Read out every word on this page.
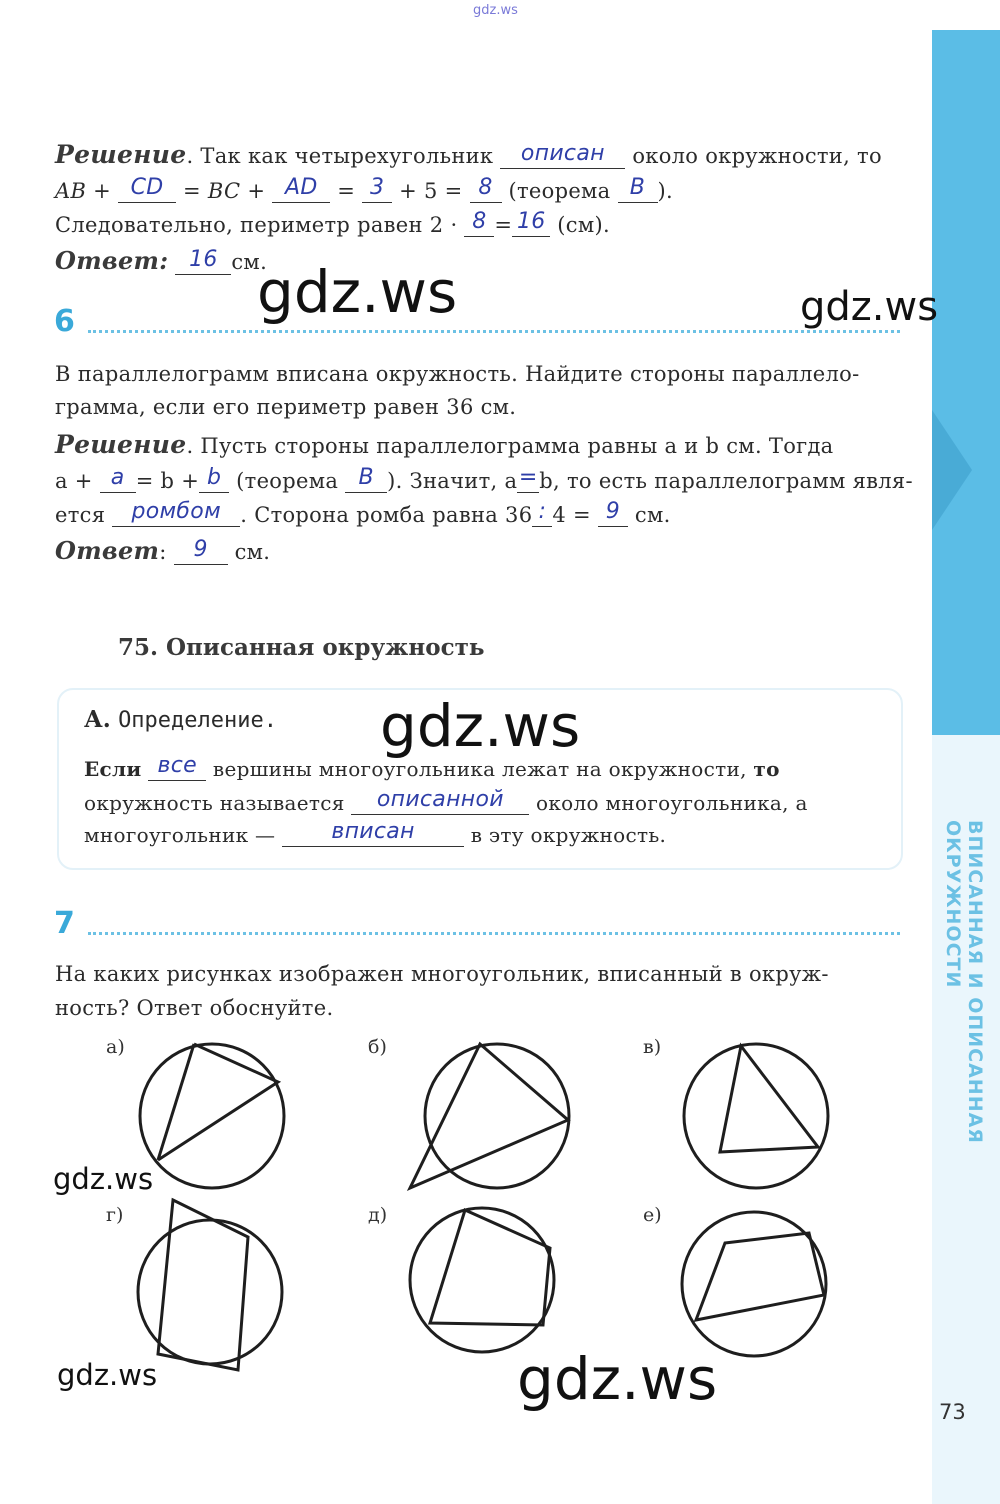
gdz.ws
ВПИСАННАЯ И ОПИСАННАЯ ОКРУЖНОСТИ
Решение. Так как четырехугольник	описан	около окружности, то
AB + CD = BC + AD = 3 + 5 = 8 (теорема B ).
Следовательно, периметр равен 2 · 8 = 16 (см).
Ответ: 16 см.
gdz.ws	gdz.ws
6
В параллелограмм вписана окружность. Найдите стороны параллело-
грамма, если его периметр равен 36 см.
Решение. Пусть стороны параллелограмма равны a и b см. Тогда
a + a = b + b (теорема B ). Значит, a = b, то есть параллелограмм явля-
ется	ромбом . Сторона ромба равна 36 : 4 = 9 см.
Ответ:	9	см.
75. Описанная окружность
А. Определение. gdz.ws
Если все вершины многоугольника лежат на окружности, то
окружность называется	описанной	около многоугольника, а
многоугольник —	вписан	в эту окружность.
7
На каких рисунках изображен многоугольник, вписанный в окруж-
ность? Ответ обоснуйте.
а)	б)	в)
г)	д)	е)
gdz.ws
gdz.ws	gdz.ws	73
